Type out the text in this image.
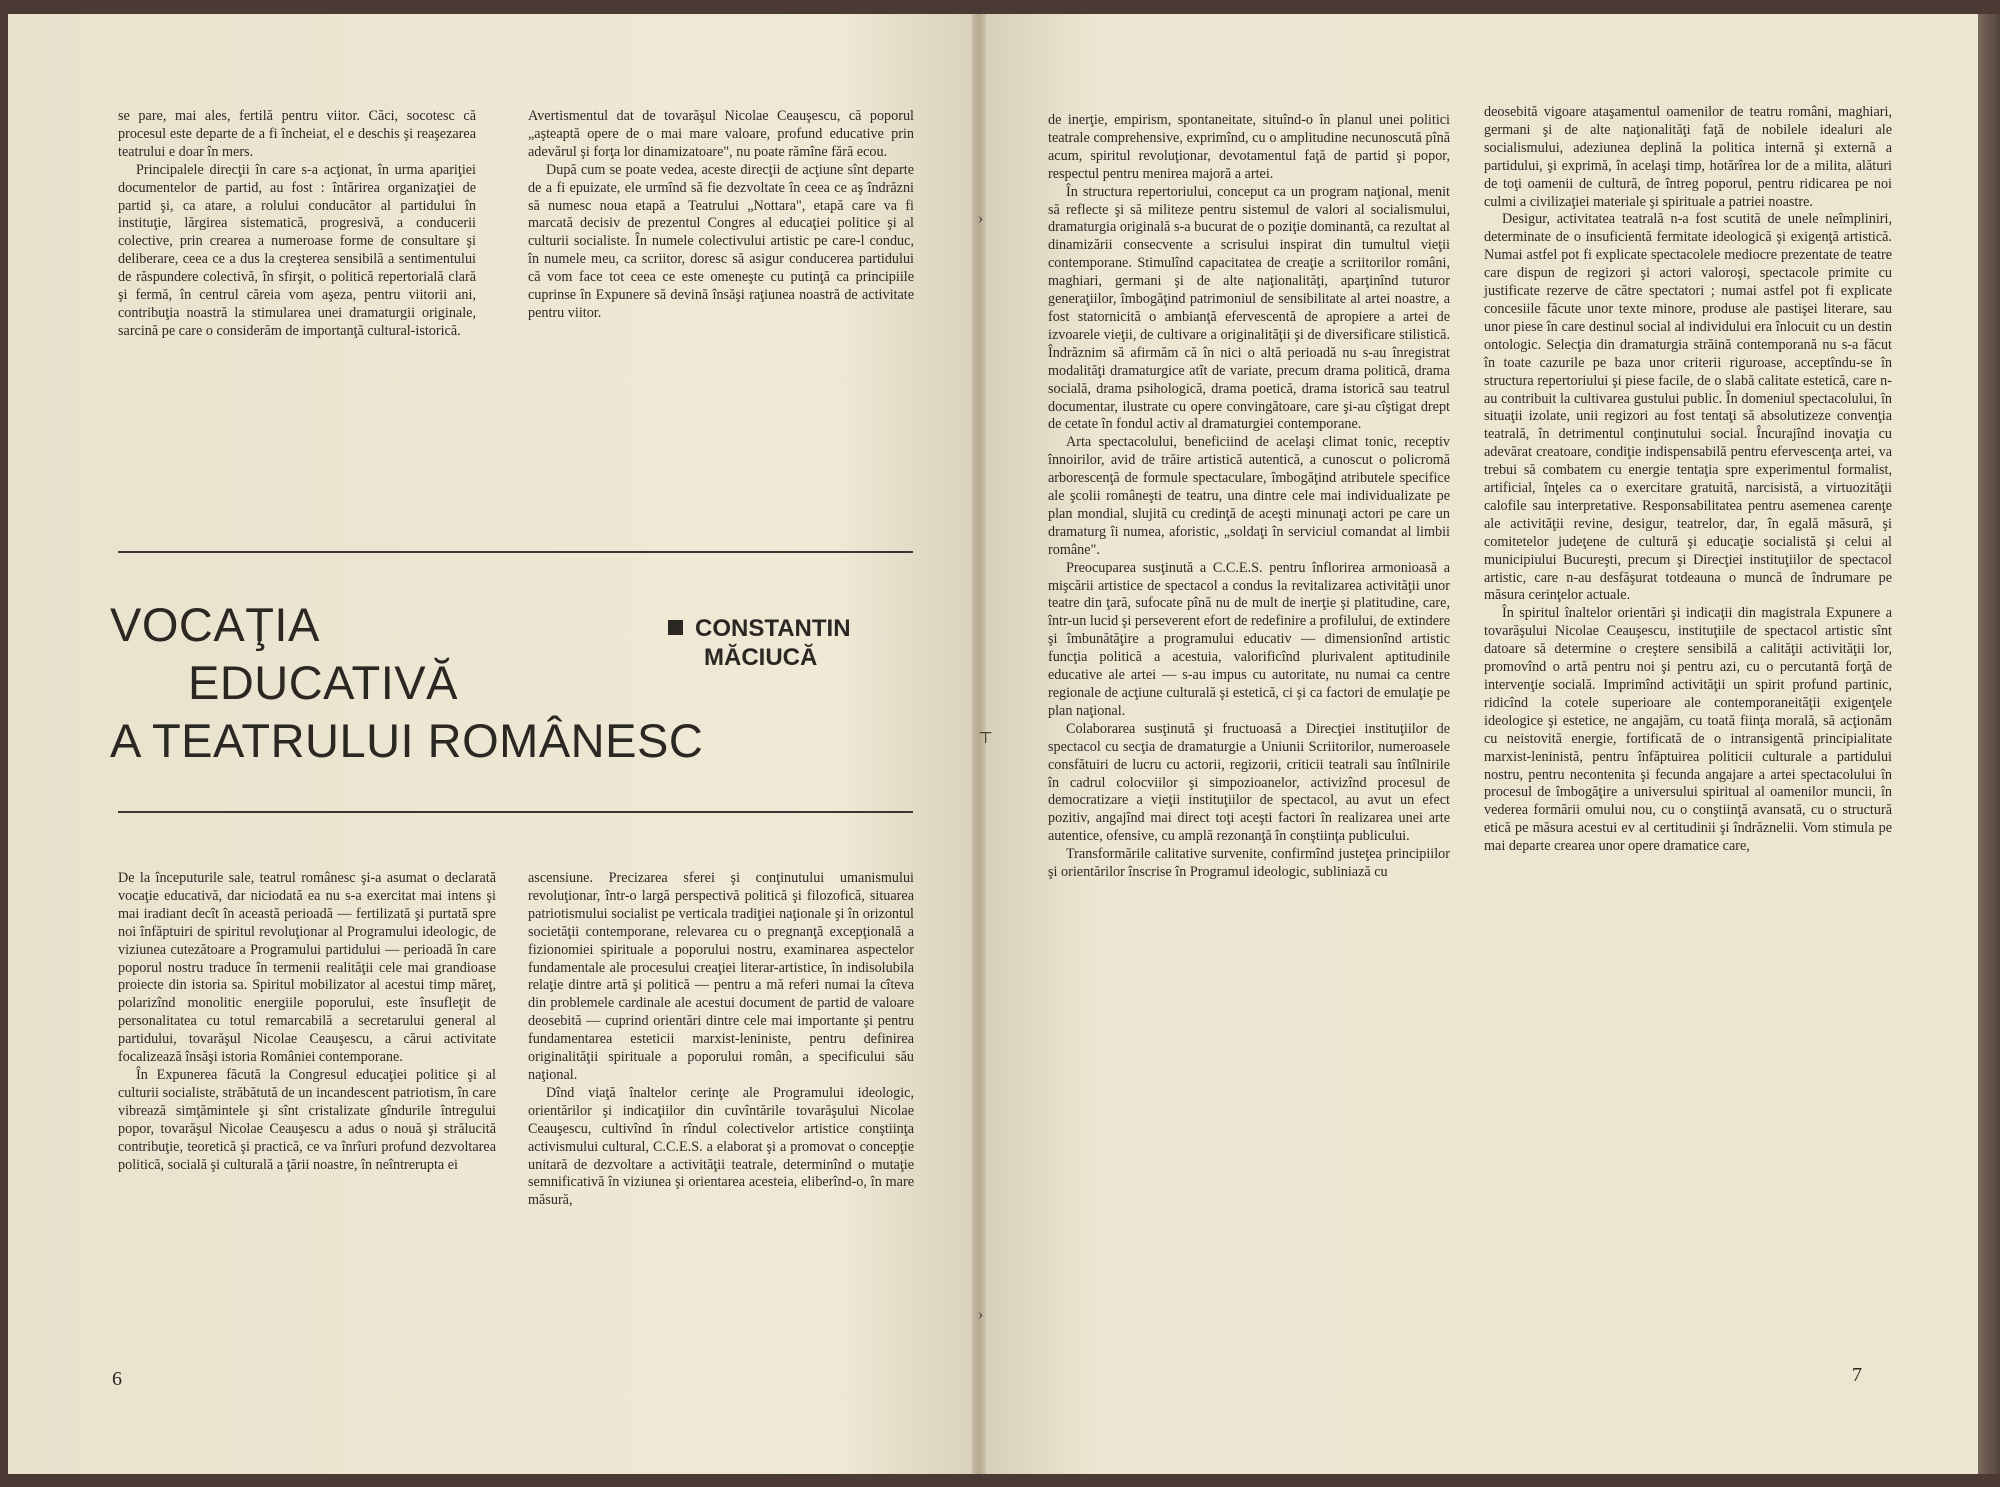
se pare, mai ales, fertilă pentru viitor. Căci, socotesc că procesul este departe de a fi încheiat, el e deschis şi reaşezarea teatrului e doar în mers.

Principalele direcţii în care s-a acţionat, în urma apariţiei documentelor de partid, au fost : întărirea organizaţiei de partid şi, ca atare, a rolului conducător al partidului în instituţie, lărgirea sistematică, progresivă, a conducerii colective, prin crearea a numeroase forme de consultare şi deliberare, ceea ce a dus la creşterea sensibilă a sentimentului de răspundere colectivă, în sfirşit, o politică repertorială clară şi fermă, în centrul căreia vom aşeza, pentru viitorii ani, contribuţia noastră la stimularea unei dramaturgii originale, sarcină pe care o considerăm de importanţă cultural-istorică.

Avertismentul dat de tovarăşul Nicolae Ceauşescu, că poporul „aşteaptă opere de o mai mare valoare, profund educative prin adevărul şi forţa lor dinamizatoare", nu poate rămîne fără ecou.

După cum se poate vedea, aceste direcţii de acţiune sînt departe de a fi epuizate, ele urmînd să fie dezvoltate în ceea ce aş îndrăzni să numesc noua etapă a Teatrului „Nottara", etapă care va fi marcată decisiv de prezentul Congres al educaţiei politice şi al culturii socialiste. În numele colectivului artistic pe care-l conduc, în numele meu, ca scriitor, doresc să asigur conducerea partidului că vom face tot ceea ce este omeneşte cu putinţă ca principiile cuprinse în Expunere să devină însăşi raţiunea noastră de activitate pentru viitor.

VOCAŢIA
EDUCATIVĂ
A TEATRULUI ROMÂNESC
CONSTANTIN
MĂCIUCĂ

De la începuturile sale, teatrul românesc şi-a asumat o declarată vocaţie educativă, dar niciodată ea nu s-a exercitat mai intens şi mai iradiant decît în această perioadă — fertilizată şi purtată spre noi înfăptuiri de spiritul revoluţionar al Programului ideologic, de viziunea cutezătoare a Programului partidului — perioadă în care poporul nostru traduce în termenii realităţii cele mai grandioase proiecte din istoria sa. Spiritul mobilizator al acestui timp măreţ, polarizînd monolitic energiile poporului, este însufleţit de personalitatea cu totul remarcabilă a secretarului general al partidului, tovarăşul Nicolae Ceauşescu, a cărui activitate focalizează însăşi istoria României contemporane.

În Expunerea făcută la Congresul educaţiei politice şi al culturii socialiste, străbătută de un incandescent patriotism, în care vibrează simţămintele şi sînt cristalizate gîndurile întregului popor, tovarăşul Nicolae Ceauşescu a adus o nouă şi strălucită contribuţie, teoretică şi practică, ce va înrîuri profund dezvoltarea politică, socială şi culturală a ţării noastre, în neîntrerupta ei

ascensiune. Precizarea sferei şi conţinutului umanismului revoluţionar, într-o largă perspectivă politică şi filozofică, situarea patriotismului socialist pe verticala tradiţiei naţionale şi în orizontul societăţii contemporane, relevarea cu o pregnanţă excepţională a fizionomiei spirituale a poporului nostru, examinarea aspectelor fundamentale ale procesului creaţiei literar-artistice, în indisolubila relaţie dintre artă şi politică — pentru a mă referi numai la cîteva din problemele cardinale ale acestui document de partid de valoare deosebită — cuprind orientări dintre cele mai importante şi pentru fundamentarea esteticii marxist-leniniste, pentru definirea originalităţii spirituale a poporului român, a specificului său naţional.

Dînd viaţă înaltelor cerinţe ale Programului ideologic, orientărilor şi indicaţiilor din cuvîntările tovarăşului Nicolae Ceauşescu, cultivînd în rîndul colectivelor artistice conştiinţa activismului cultural, C.C.E.S. a elaborat şi a promovat o concepţie unitară de dezvoltare a activităţii teatrale, determinînd o mutaţie semnificativă în viziunea şi orientarea acesteia, eliberînd-o, în mare măsură,

6
›
⊤
›

de inerţie, empirism, spontaneitate, situînd-o în planul unei politici teatrale comprehensive, exprimînd, cu o amplitudine necunoscută pînă acum, spiritul revoluţionar, devotamentul faţă de partid şi popor, respectul pentru menirea majoră a artei.

În structura repertoriului, conceput ca un program naţional, menit să reflecte şi să militeze pentru sistemul de valori al socialismului, dramaturgia originală s-a bucurat de o poziţie dominantă, ca rezultat al dinamizării consecvente a scrisului inspirat din tumultul vieţii contemporane. Stimulînd capacitatea de creaţie a scriitorilor români, maghiari, germani şi de alte naţionalităţi, aparţinînd tuturor generaţiilor, îmbogăţind patrimoniul de sensibilitate al artei noastre, a fost statornicită o ambianţă efervescentă de apropiere a artei de izvoarele vieţii, de cultivare a originalităţii şi de diversificare stilistică. Îndrăznim să afirmăm că în nici o altă perioadă nu s-au înregistrat modalităţi dramaturgice atît de variate, precum drama politică, drama socială, drama psihologică, drama poetică, drama istorică sau teatrul documentar, ilustrate cu opere convingătoare, care şi-au cîştigat drept de cetate în fondul activ al dramaturgiei contemporane.

Arta spectacolului, beneficiind de acelaşi climat tonic, receptiv înnoirilor, avid de trăire artistică autentică, a cunoscut o policromă arborescenţă de formule spectaculare, îmbogăţind atributele specifice ale şcolii româneşti de teatru, una dintre cele mai individualizate pe plan mondial, slujită cu credinţă de aceşti minunaţi actori pe care un dramaturg îi numea, aforistic, „soldaţi în serviciul comandat al limbii române".

Preocuparea susţinută a C.C.E.S. pentru înflorirea armonioasă a mişcării artistice de spectacol a condus la revitalizarea activităţii unor teatre din ţară, sufocate pînă nu de mult de inerţie şi platitudine, care, într-un lucid şi perseverent efort de redefinire a profilului, de extindere şi îmbunătăţire a programului educativ — dimensionînd artistic funcţia politică a acestuia, valorificînd plurivalent aptitudinile educative ale artei — s-au impus cu autoritate, nu numai ca centre regionale de acţiune culturală şi estetică, ci şi ca factori de emulaţie pe plan naţional.

Colaborarea susţinută şi fructuoasă a Direcţiei instituţiilor de spectacol cu secţia de dramaturgie a Uniunii Scriitorilor, numeroasele consfătuiri de lucru cu actorii, regizorii, criticii teatrali sau întîlnirile în cadrul colocviilor şi simpozioanelor, activizînd procesul de democratizare a vieţii instituţiilor de spectacol, au avut un efect pozitiv, angajînd mai direct toţi aceşti factori în realizarea unei arte autentice, ofensive, cu amplă rezonanţă în conştiinţa publicului.

Transformările calitative survenite, confirmînd justeţea principiilor şi orientărilor înscrise în Programul ideologic, subliniază cu

deosebită vigoare ataşamentul oamenilor de teatru români, maghiari, germani şi de alte naţionalităţi faţă de nobilele idealuri ale socialismului, adeziunea deplină la politica internă şi externă a partidului, şi exprimă, în acelaşi timp, hotărîrea lor de a milita, alături de toţi oamenii de cultură, de întreg poporul, pentru ridicarea pe noi culmi a civilizaţiei materiale şi spirituale a patriei noastre.

Desigur, activitatea teatrală n-a fost scutită de unele neîmpliniri, determinate de o insuficientă fermitate ideologică şi exigenţă artistică. Numai astfel pot fi explicate spectacolele mediocre prezentate de teatre care dispun de regizori şi actori valoroşi, spectacole primite cu justificate rezerve de către spectatori ; numai astfel pot fi explicate concesiile făcute unor texte minore, produse ale pastişei literare, sau unor piese în care destinul social al individului era înlocuit cu un destin ontologic. Selecţia din dramaturgia străină contemporană nu s-a făcut în toate cazurile pe baza unor criterii riguroase, acceptîndu-se în structura repertoriului şi piese facile, de o slabă calitate estetică, care n-au contribuit la cultivarea gustului public. În domeniul spectacolului, în situaţii izolate, unii regizori au fost tentaţi să absolutizeze convenţia teatrală, în detrimentul conţinutului social. Încurajînd inovaţia cu adevărat creatoare, condiţie indispensabilă pentru efervescenţa artei, va trebui să combatem cu energie tentaţia spre experimentul formalist, artificial, înţeles ca o exercitare gratuită, narcisistă, a virtuozităţii calofile sau interpretative. Responsabilitatea pentru asemenea carenţe ale activităţii revine, desigur, teatrelor, dar, în egală măsură, şi comitetelor judeţene de cultură şi educaţie socialistă şi celui al municipiului Bucureşti, precum şi Direcţiei instituţiilor de spectacol artistic, care n-au desfăşurat totdeauna o muncă de îndrumare pe măsura cerinţelor actuale.

În spiritul înaltelor orientări şi indicaţii din magistrala Expunere a tovarăşului Nicolae Ceauşescu, instituţiile de spectacol artistic sînt datoare să determine o creştere sensibilă a calităţii activităţii lor, promovînd o artă pentru noi şi pentru azi, cu o percutantă forţă de intervenţie socială. Imprimînd activităţii un spirit profund partinic, ridicînd la cotele superioare ale contemporaneităţii exigenţele ideologice şi estetice, ne angajăm, cu toată fiinţa morală, să acţionăm cu neistovită energie, fortificată de o intransigentă principialitate marxist-leninistă, pentru înfăptuirea politicii culturale a partidului nostru, pentru necontenita şi fecunda angajare a artei spectacolului în procesul de îmbogăţire a universului spiritual al oamenilor muncii, în vederea formării omului nou, cu o conştiinţă avansată, cu o structură etică pe măsura acestui ev al certitudinii şi îndrăznelii. Vom stimula pe mai departe crearea unor opere dramatice care,

7
